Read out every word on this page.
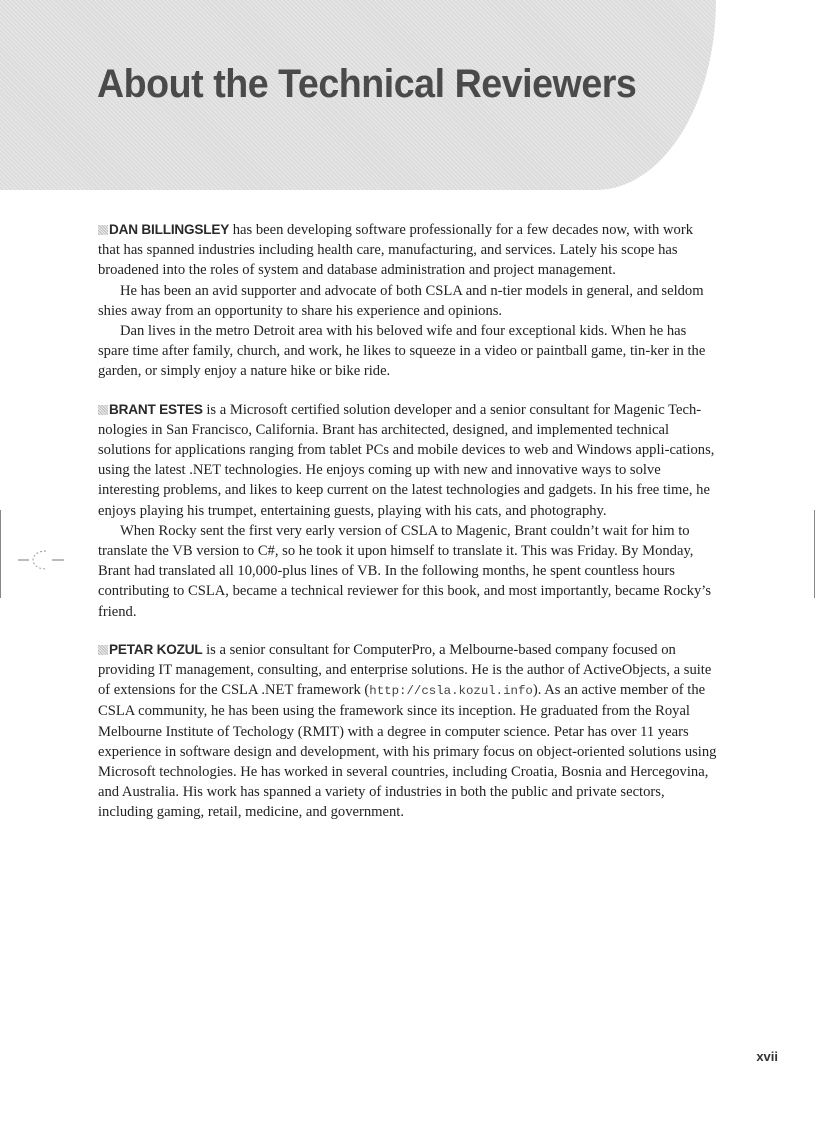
About the Technical Reviewers

DAN BILLINGSLEY has been developing software professionally for a few decades now, with work that has spanned industries including health care, manufacturing, and services. Lately his scope has broadened into the roles of system and database administration and project management.

He has been an avid supporter and advocate of both CSLA and n-tier models in general, and seldom shies away from an opportunity to share his experience and opinions.

Dan lives in the metro Detroit area with his beloved wife and four exceptional kids. When he has spare time after family, church, and work, he likes to squeeze in a video or paintball game, tin-ker in the garden, or simply enjoy a nature hike or bike ride.

BRANT ESTES is a Microsoft certified solution developer and a senior consultant for Magenic Tech-nologies in San Francisco, California. Brant has architected, designed, and implemented technical solutions for applications ranging from tablet PCs and mobile devices to web and Windows appli-cations, using the latest .NET technologies. He enjoys coming up with new and innovative ways to solve interesting problems, and likes to keep current on the latest technologies and gadgets. In his free time, he enjoys playing his trumpet, entertaining guests, playing with his cats, and photography.

When Rocky sent the first very early version of CSLA to Magenic, Brant couldn’t wait for him to translate the VB version to C#, so he took it upon himself to translate it. This was Friday. By Monday, Brant had translated all 10,000-plus lines of VB. In the following months, he spent countless hours contributing to CSLA, became a technical reviewer for this book, and most importantly, became Rocky’s friend.

PETAR KOZUL is a senior consultant for ComputerPro, a Melbourne-based company focused on providing IT management, consulting, and enterprise solutions. He is the author of ActiveObjects, a suite of extensions for the CSLA .NET framework (http://csla.kozul.info). As an active member of the CSLA community, he has been using the framework since its inception. He graduated from the Royal Melbourne Institute of Techology (RMIT) with a degree in computer science. Petar has over 11 years experience in software design and development, with his primary focus on object-oriented solutions using Microsoft technologies. He has worked in several countries, including Croatia, Bosnia and Hercegovina, and Australia. His work has spanned a variety of industries in both the public and private sectors, including gaming, retail, medicine, and government.

xvii
